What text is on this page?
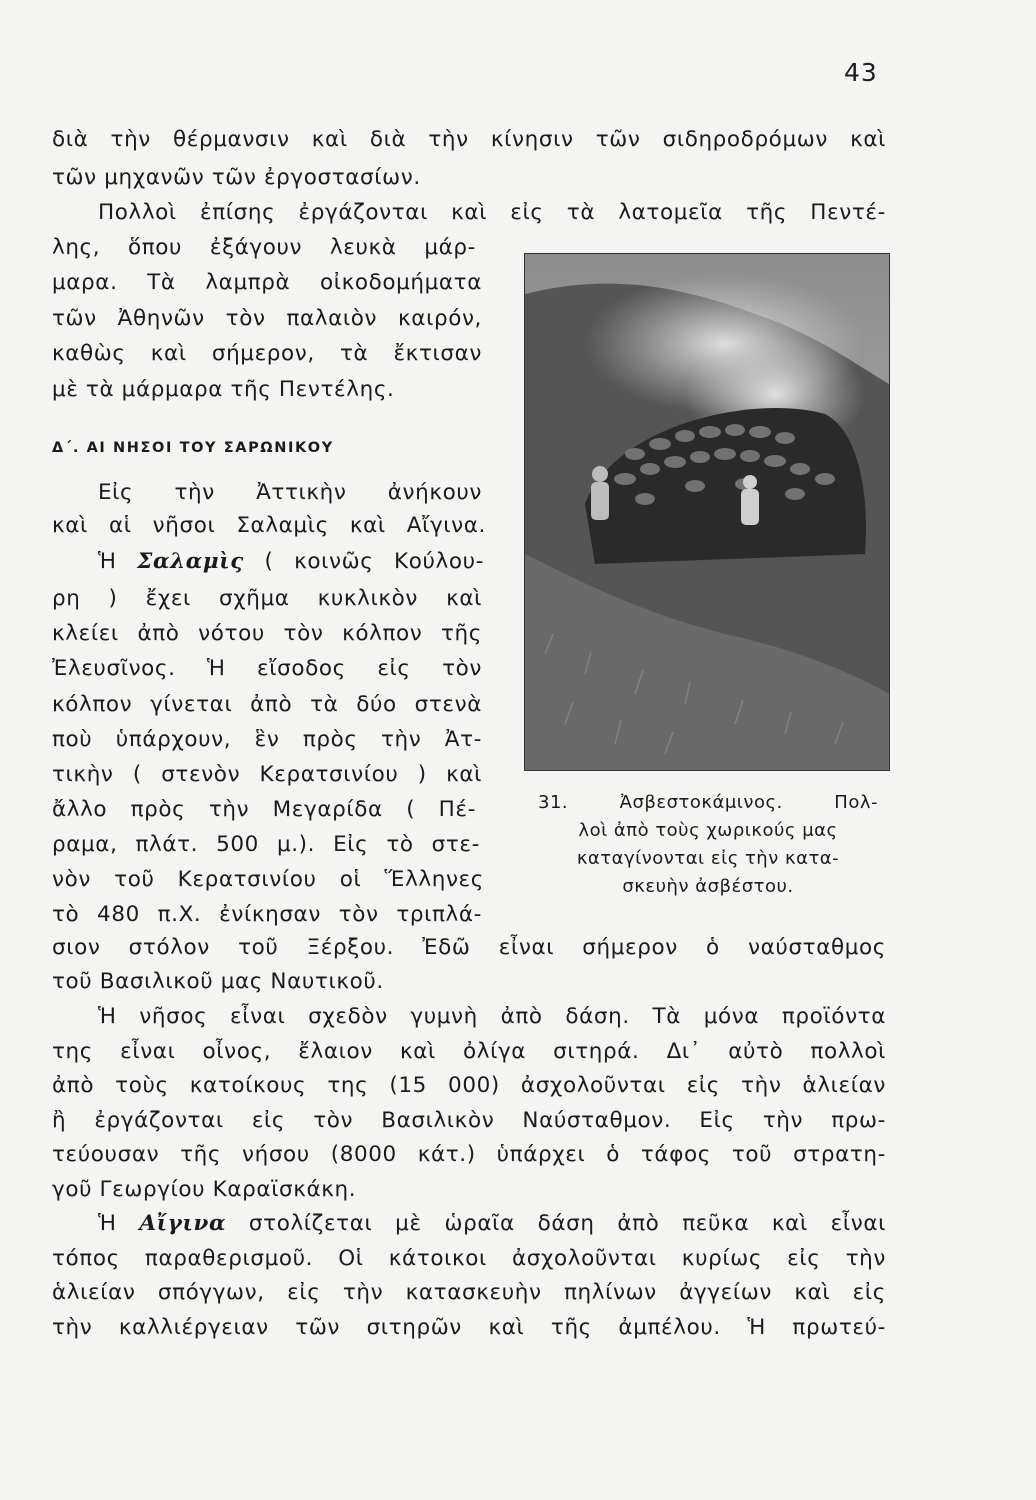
43
διὰ τὴν θέρμανσιν καὶ διὰ τὴν κίνησιν τῶν σιδηροδρόμων καὶ
τῶν μηχανῶν τῶν ἐργοστασίων.
Πολλοὶ ἐπίσης ἐργάζονται καὶ εἰς τὰ λατομεῖα τῆς Πεντέ-
λης, ὅπου ἐξάγουν λευκὰ μάρ-
μαρα. Τὰ λαμπρὰ οἰκοδομήματα
τῶν Ἀθηνῶν τὸν παλαιὸν καιρόν,
καθὼς καὶ σήμερον, τὰ ἔκτισαν
μὲ τὰ μάρμαρα τῆς Πεντέλης.
Δ΄. ΑΙ ΝΗΣΟΙ ΤΟΥ ΣΑΡΩΝΙΚΟΥ
Εἰς τὴν Ἀττικὴν ἀνήκουν
καὶ αἱ νῆσοι Σαλαμὶς καὶ Αἴγινα.
Ἡ Σαλαμὶς ( κοινῶς Κούλου-
ρη ) ἔχει σχῆμα κυκλικὸν καὶ
κλείει ἀπὸ νότου τὸν κόλπον τῆς
Ἐλευσῖνος. Ἡ εἴσοδος εἰς τὸν
κόλπον γίνεται ἀπὸ τὰ δύο στενὰ
ποὺ ὑπάρχουν, ἓν πρὸς τὴν Ἀτ-
τικὴν ( στενὸν Κερατσινίου ) καὶ
ἄλλο πρὸς τὴν Μεγαρίδα ( Πέ-
ραμα, πλάτ. 500 μ.). Εἰς τὸ στε-
νὸν τοῦ Κερατσινίου οἱ Ἕλληνες
τὸ 480 π.Χ. ἐνίκησαν τὸν τριπλά-
σιον στόλον τοῦ Ξέρξου. Ἐδῶ εἶναι σήμερον ὁ ναύσταθμος
τοῦ Βασιλικοῦ μας Ναυτικοῦ.
Ἡ νῆσος εἶναι σχεδὸν γυμνὴ ἀπὸ δάση. Τὰ μόνα προϊόντα
της εἶναι οἶνος, ἔλαιον καὶ ὀλίγα σιτηρά. Δι᾽ αὐτὸ πολλοὶ
ἀπὸ τοὺς κατοίκους της (15 000) ἀσχολοῦνται εἰς τὴν ἁλιείαν
ἢ ἐργάζονται εἰς τὸν Βασιλικὸν Ναύσταθμον. Εἰς τὴν πρω-
τεύουσαν τῆς νήσου (8000 κάτ.) ὑπάρχει ὁ τάφος τοῦ στρατη-
γοῦ Γεωργίου Καραϊσκάκη.
Ἡ Αἴγινα στολίζεται μὲ ὡραῖα δάση ἀπὸ πεῦκα καὶ εἶναι
τόπος παραθερισμοῦ. Οἱ κάτοικοι ἀσχολοῦνται κυρίως εἰς τὴν
ἁλιείαν σπόγγων, εἰς τὴν κατασκευὴν πηλίνων ἀγγείων καὶ εἰς
τὴν καλλιέργειαν τῶν σιτηρῶν καὶ τῆς ἀμπέλου. Ἡ πρωτεύ-
31. Ἀσβεστοκάμινος. Πολ-
λοὶ ἀπὸ τοὺς χωρικούς μας
καταγίνονται εἰς τὴν κατα-
σκευὴν ἀσβέστου.
